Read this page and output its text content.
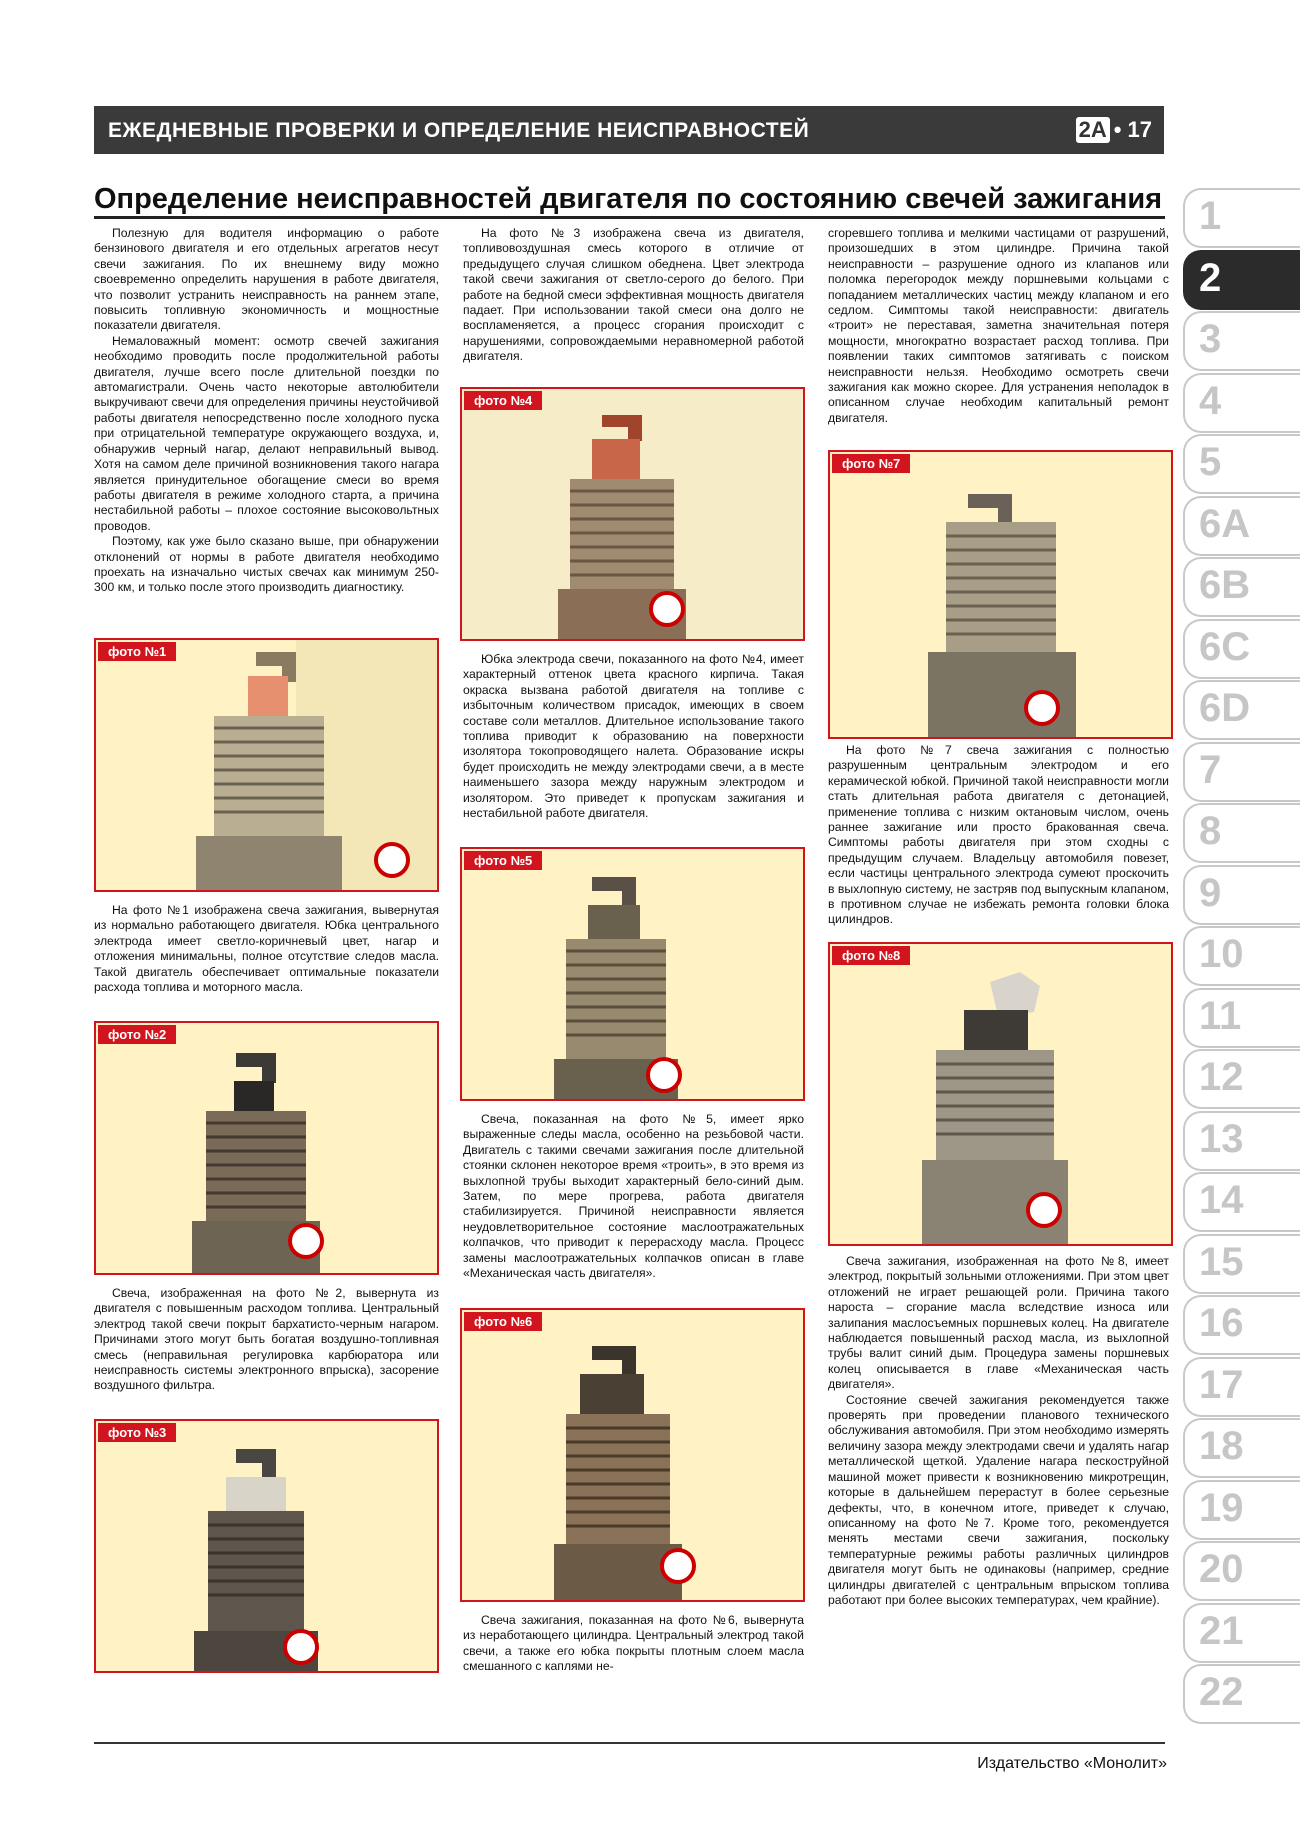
ЕЖЕДНЕВНЫЕ ПРОВЕРКИ И ОПРЕДЕЛЕНИЕ НЕИСПРАВНОСТЕЙ	2А • 17
Определение неисправностей двигателя по состоянию свечей зажигания

Полезную для водителя информацию о работе бензинового двигателя и его отдельных агрегатов несут свечи зажигания. По их внешнему виду можно своевременно определить нарушения в работе двигателя, что позволит устранить неисправность на раннем этапе, повысить топливную экономичность и мощностные показатели двигателя.

Немаловажный момент: осмотр свечей зажигания необходимо проводить после продолжительной работы двигателя, лучше всего после длительной поездки по автомагистрали. Очень часто некоторые автолюбители выкручивают свечи для определения причины неустойчивой работы двигателя непосредственно после холодного пуска при отрицательной температуре окружающего воздуха, и, обнаружив черный нагар, делают неправильный вывод. Хотя на самом деле причиной возникновения такого нагара является принудительное обогащение смеси во время работы двигателя в режиме холодного старта, а причина нестабильной работы – плохое состояние высоковольтных проводов.

Поэтому, как уже было сказано выше, при обнаружении отклонений от нормы в работе двигателя необходимо проехать на изначально чистых свечах как минимум 250-300 км, и только после этого производить диагностику.

фото №1

На фото №1 изображена свеча зажигания, вывернутая из нормально работающего двигателя. Юбка центрального электрода имеет светло-коричневый цвет, нагар и отложения минимальны, полное отсутствие следов масла. Такой двигатель обеспечивает оптимальные показатели расхода топлива и моторного масла.

фото №2

Свеча, изображенная на фото №2, вывернута из двигателя с повышенным расходом топлива. Центральный электрод такой свечи покрыт бархатисто-черным нагаром. Причинами этого могут быть богатая воздушно-топливная смесь (неправильная регулировка карбюратора или неисправность системы электронного впрыска), засорение воздушного фильтра.

фото №3

На фото №3 изображена свеча из двигателя, топливовоздушная смесь которого в отличие от предыдущего случая слишком обеднена. Цвет электрода такой свечи зажигания от светло-серого до белого. При работе на бедной смеси эффективная мощность двигателя падает. При использовании такой смеси она долго не воспламеняется, а процесс сгорания происходит с нарушениями, сопровождаемыми неравномерной работой двигателя.

фото №4

Юбка электрода свечи, показанного на фото №4, имеет характерный оттенок цвета красного кирпича. Такая окраска вызвана работой двигателя на топливе с избыточным количеством присадок, имеющих в своем составе соли металлов. Длительное использование такого топлива приводит к образованию на поверхности изолятора токопроводящего налета. Образование искры будет происходить не между электродами свечи, а в месте наименьшего зазора между наружным электродом и изолятором. Это приведет к пропускам зажигания и нестабильной работе двигателя.

фото №5

Свеча, показанная на фото №5, имеет ярко выраженные следы масла, особенно на резьбовой части. Двигатель с такими свечами зажигания после длительной стоянки склонен некоторое время «троить», в это время из выхлопной трубы выходит характерный бело-синий дым. Затем, по мере прогрева, работа двигателя стабилизируется. Причиной неисправности является неудовлетворительное состояние маслоотражательных колпачков, что приводит к перерасходу масла. Процесс замены маслоотражательных колпачков описан в главе «Механическая часть двигателя».

фото №6

Свеча зажигания, показанная на фото №6, вывернута из неработающего цилиндра. Центральный электрод такой свечи, а также его юбка покрыты плотным слоем масла смешанного с каплями не-

сгоревшего топлива и мелкими частицами от разрушений, произошедших в этом цилиндре. Причина такой неисправности – разрушение одного из клапанов или поломка перегородок между поршневыми кольцами с попаданием металлических частиц между клапаном и его седлом. Симптомы такой неисправности: двигатель «троит» не переставая, заметна значительная потеря мощности, многократно возрастает расход топлива. При появлении таких симптомов затягивать с поиском неисправности нельзя. Необходимо осмотреть свечи зажигания как можно скорее. Для устранения неполадок в описанном случае необходим капитальный ремонт двигателя.

фото №7

На фото №7 свеча зажигания с полностью разрушенным центральным электродом и его керамической юбкой. Причиной такой неисправности могли стать длительная работа двигателя с детонацией, применение топлива с низким октановым числом, очень раннее зажигание или просто бракованная свеча. Симптомы работы двигателя при этом сходны с предыдущим случаем. Владельцу автомобиля повезет, если частицы центрального электрода сумеют проскочить в выхлопную систему, не застряв под выпускным клапаном, в противном случае не избежать ремонта головки блока цилиндров.

фото №8

Свеча зажигания, изображенная на фото №8, имеет электрод, покрытый зольными отложениями. При этом цвет отложений не играет решающей роли. Причина такого нароста – сгорание масла вследствие износа или залипания маслосъемных поршневых колец. На двигателе наблюдается повышенный расход масла, из выхлопной трубы валит синий дым. Процедура замены поршневых колец описывается в главе «Механическая часть двигателя».

Состояние свечей зажигания рекомендуется также проверять при проведении планового технического обслуживания автомобиля. При этом необходимо измерять величину зазора между электродами свечи и удалять нагар металлической щеткой. Удаление нагара пескоструйной машиной может привести к возникновению микротрещин, которые в дальнейшем перерастут в более серьезные дефекты, что, в конечном итоге, приведет к случаю, описанному на фото №7. Кроме того, рекомендуется менять местами свечи зажигания, поскольку температурные режимы работы различных цилиндров двигателя могут быть не одинаковы (например, средние цилиндры двигателей с центральным впрыском топлива работают при более высоких температурах, чем крайние).

1
2
3
4
5
6A
6B
6C
6D
7
8
9
10
11
12
13
14
15
16
17
18
19
20
21
22
Издательство «Монолит»
